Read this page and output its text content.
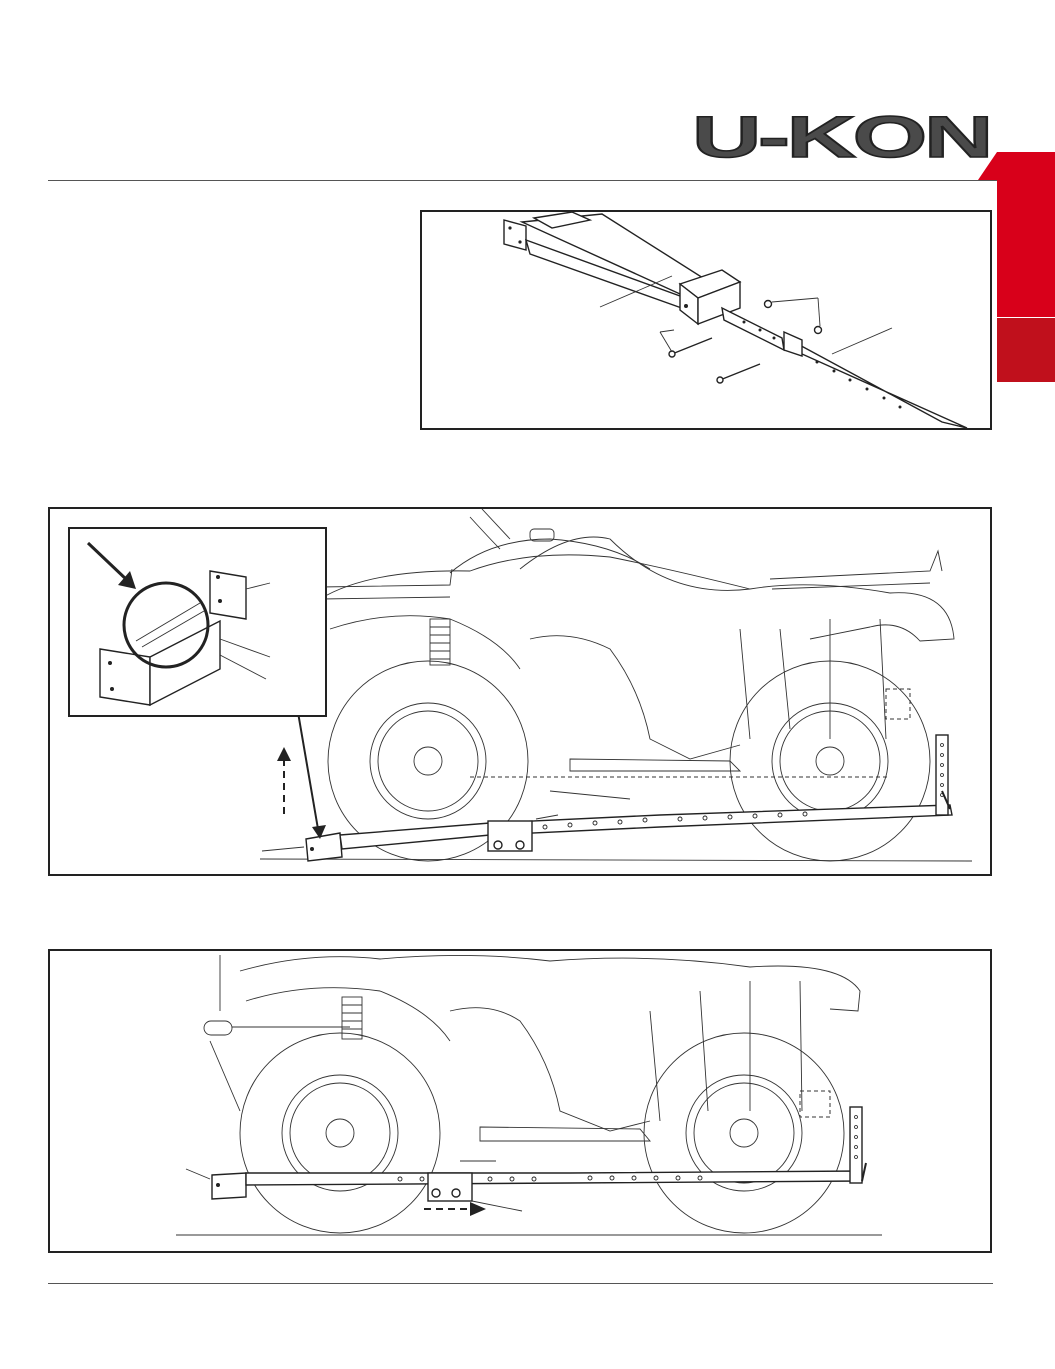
U-KON
